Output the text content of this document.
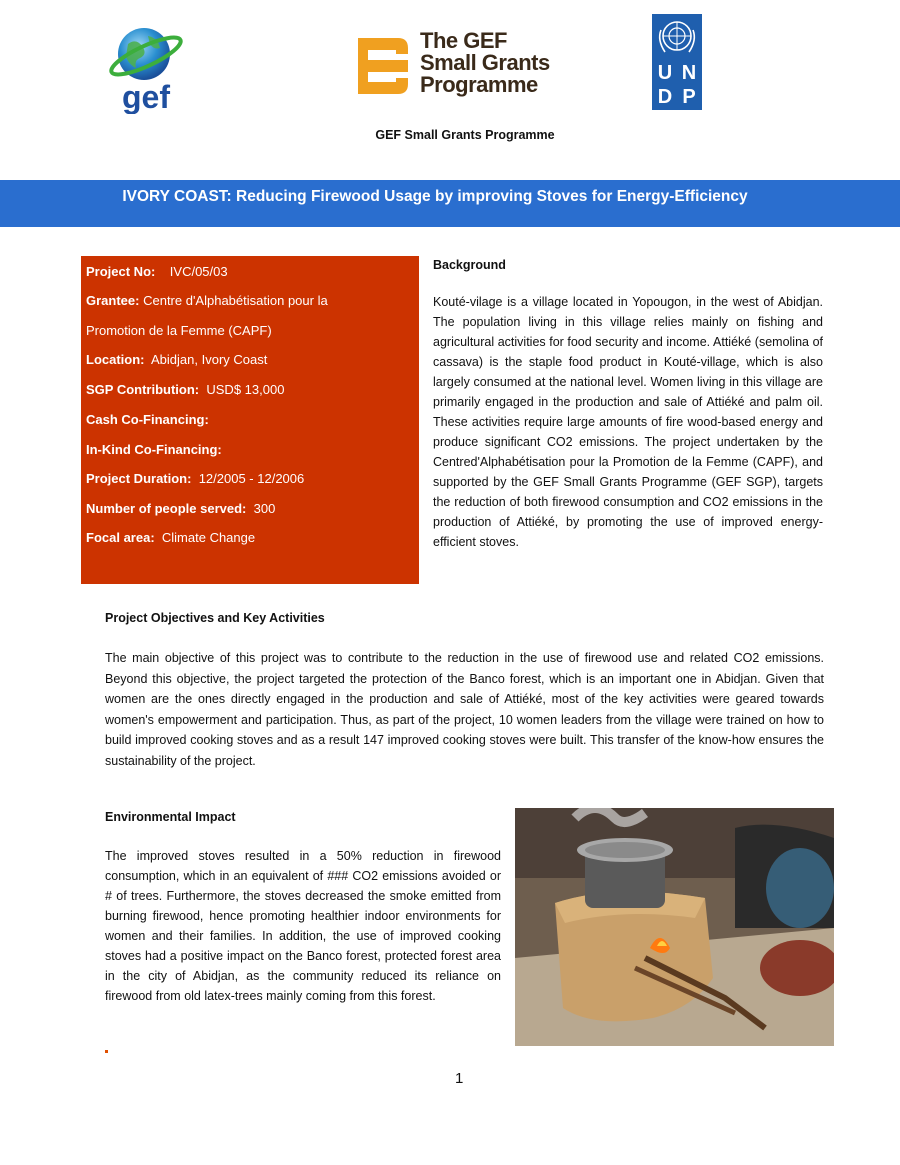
gef
The GEF
Small Grants
Programme	U N
D P
GEF Small Grants Programme
IVORY COAST: Reducing Firewood Usage by improving Stoves for Energy-Efficiency
Project No: IVC/05/03
Grantee: Centre d'Alphabétisation pour la
Promotion de la Femme (CAPF)
Location: Abidjan, Ivory Coast
SGP Contribution: USD$ 13,000
Cash Co-Financing:
In-Kind Co-Financing:
Project Duration: 12/2005 - 12/2006
Number of people served: 300
Focal area: Climate Change
Background
Kouté-vilage is a village located in Yopougon, in the west of Abidjan. The population living in this village relies mainly on fishing and agricultural activities for food security and income. Attiéké (semolina of cassava) is the staple food product in Kouté-village, which is also largely consumed at the national level. Women living in this village are primarily engaged in the production and sale of Attiéké and palm oil. These activities require large amounts of fire wood-based energy and produce significant CO2 emissions. The project undertaken by the Centred'Alphabétisation pour la Promotion de la Femme (CAPF), and supported by the GEF Small Grants Programme (GEF SGP), targets the reduction of both firewood consumption and CO2 emissions in the production of Attiéké, by promoting the use of improved energy-efficient stoves.
Project Objectives and Key Activities
The main objective of this project was to contribute to the reduction in the use of firewood use and related CO2 emissions. Beyond this objective, the project targeted the protection of the Banco forest, which is an important one in Abidjan. Given that women are the ones directly engaged in the production and sale of Attiéké, most of the key activities were geared towards women's empowerment and participation. Thus, as part of the project, 10 women leaders from the village were trained on how to build improved cooking stoves and as a result 147 improved cooking stoves were built. This transfer of the know-how ensures the sustainability of the project.
Environmental Impact
The improved stoves resulted in a 50% reduction in firewood consumption, which in an equivalent of ### CO2 emissions avoided or # of trees. Furthermore, the stoves decreased the smoke emitted from burning firewood, hence promoting healthier indoor environments for women and their families. In addition, the use of improved cooking stoves had a positive impact on the Banco forest, protected forest area in the city of Abidjan, as the community reduced its reliance on firewood from old latex-trees mainly coming from this forest.
1
